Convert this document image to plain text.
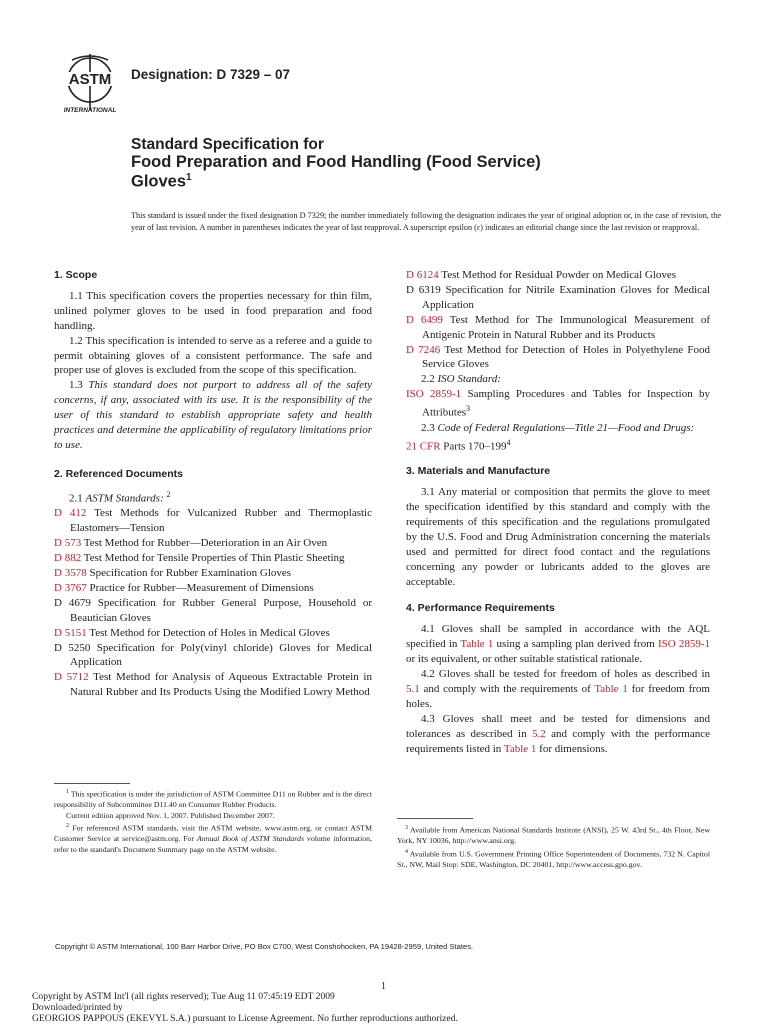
ASTM
INTERNATIONAL
Designation: D 7329 – 07
Standard Specification for
Food Preparation and Food Handling (Food Service)
Gloves$^1$
This standard is issued under the fixed designation D 7329; the number immediately following the designation indicates the year of original adoption or, in the case of revision, the year of last revision. A number in parentheses indicates the year of last reapproval. A superscript epsilon (ε) indicates an editorial change since the last revision or reapproval.

1. Scope

1.1 This specification covers the properties necessary for thin film, unlined polymer gloves to be used in food preparation and food handling.

1.2 This specification is intended to serve as a referee and a guide to permit obtaining gloves of a consistent performance. The safe and proper use of gloves is excluded from the scope of this specification.

1.3 This standard does not purport to address all of the safety concerns, if any, associated with its use. It is the responsibility of the user of this standard to establish appropriate safety and health practices and determine the applicability of regulatory limitations prior to use.

2. Referenced Documents

2.1 ASTM Standards: $^2$

D 412 Test Methods for Vulcanized Rubber and Thermoplastic Elastomers—Tension

D 573 Test Method for Rubber—Deterioration in an Air Oven

D 882 Test Method for Tensile Properties of Thin Plastic Sheeting

D 3578 Specification for Rubber Examination Gloves

D 3767 Practice for Rubber—Measurement of Dimensions

D 4679 Specification for Rubber General Purpose, Household or Beautician Gloves

D 5151 Test Method for Detection of Holes in Medical Gloves

D 5250 Specification for Poly(vinyl chloride) Gloves for Medical Application

D 5712 Test Method for Analysis of Aqueous Extractable Protein in Natural Rubber and Its Products Using the Modified Lowry Method

$^1$ This specification is under the jurisdiction of ASTM Committee D11 on Rubber and is the direct responsibility of Subcommittee D11.40 on Consumer Rubber Products.

Current edition approved Nov. 1, 2007. Published December 2007.

$^2$ For referenced ASTM standards, visit the ASTM website, www.astm.org, or contact ASTM Customer Service at service@astm.org. For Annual Book of ASTM Standards volume information, refer to the standard's Document Summary page on the ASTM website.

D 6124 Test Method for Residual Powder on Medical Gloves

D 6319 Specification for Nitrile Examination Gloves for Medical Application

D 6499 Test Method for The Immunological Measurement of Antigenic Protein in Natural Rubber and its Products

D 7246 Test Method for Detection of Holes in Polyethylene Food Service Gloves

2.2 ISO Standard:

ISO 2859-1 Sampling Procedures and Tables for Inspection by Attributes$^3$

2.3 Code of Federal Regulations—Title 21—Food and Drugs:

21 CFR Parts $170-199^4$

3. Materials and Manufacture

3.1 Any material or composition that permits the glove to meet the specification identified by this standard and comply with the requirements of this specification and the regulations promulgated by the U.S. Food and Drug Administration concerning the materials used and permitted for direct food contact and the regulations concerning any powder or lubricants added to the gloves are acceptable.

4. Performance Requirements

4.1 Gloves shall be sampled in accordance with the AQL specified in Table 1 using a sampling plan derived from ISO 2859-1 or its equivalent, or other suitable statistical rationale.

4.2 Gloves shall be tested for freedom of holes as described in 5.1 and comply with the requirements of Table 1 for freedom from holes.

4.3 Gloves shall meet and be tested for dimensions and tolerances as described in 5.2 and comply with the performance requirements listed in Table 1 for dimensions.

$^3$ Available from American National Standards Institute (ANSI), 25 W. 43rd St., 4th Floor, New York, NY 10036, http://www.ansi.org.

$^4$ Available from U.S. Government Printing Office Superintendent of Documents, 732 N. Capitol St., NW, Mail Stop: SDE, Washington, DC 20401, http://www.access.gpo.gov.

Copyright © ASTM International, 100 Barr Harbor Drive, PO Box C700, West Conshohocken, PA 19428-2959, United States.
1
Copyright by ASTM Int'l (all rights reserved); Tue Aug 11 07:45:19 EDT 2009
Downloaded/printed by
GEORGIOS PAPPOUS (EKEVYL S.A.) pursuant to License Agreement. No further reproductions authorized.
